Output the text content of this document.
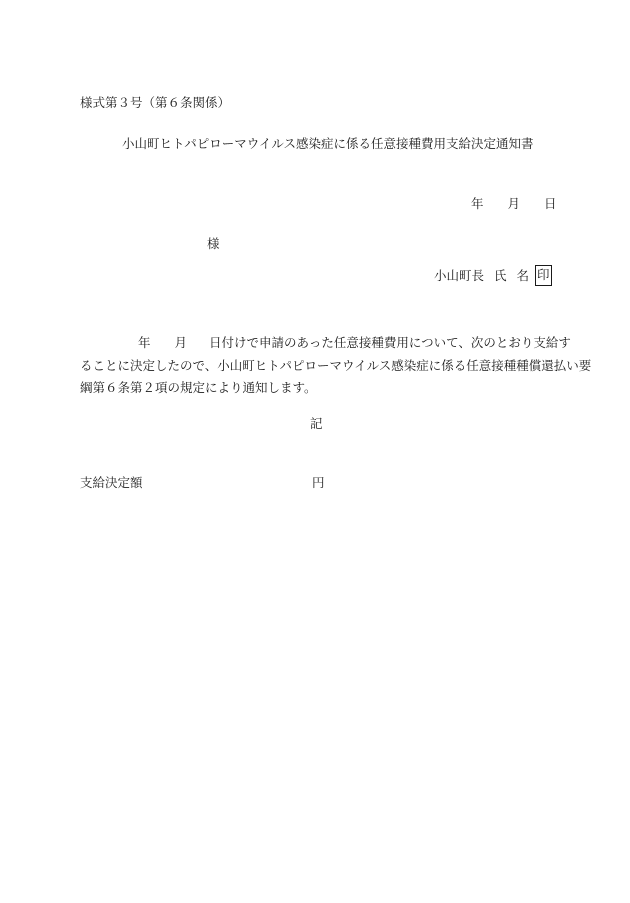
様式第３号（第６条関係）
小山町ヒトパピローマウイルス感染症に係る任意接種費用支給決定通知書
年 月 日
様
小山町長 氏 名 印
年 月 日付けで申請のあった任意接種費用について、次のとおり支給す
ることに決定したので、小山町ヒトパピローマウイルス感染症に係る任意接種種償還払い要
綱第６条第２項の規定により通知します。
記
支給決定額	円
